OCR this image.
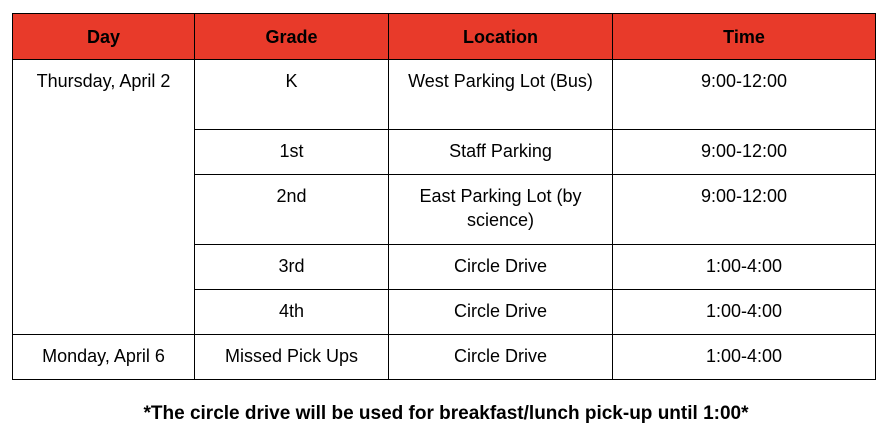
Day	Grade	Location	Time
Thursday, April 2	K	West Parking Lot (Bus)	9:00-12:00
	1st	Staff Parking	9:00-12:00
	2nd	East Parking Lot (by science)	9:00-12:00
	3rd	Circle Drive	1:00-4:00
	4th	Circle Drive	1:00-4:00
Monday, April 6	Missed Pick Ups	Circle Drive	1:00-4:00
*The circle drive will be used for breakfast/lunch pick-up until 1:00*
